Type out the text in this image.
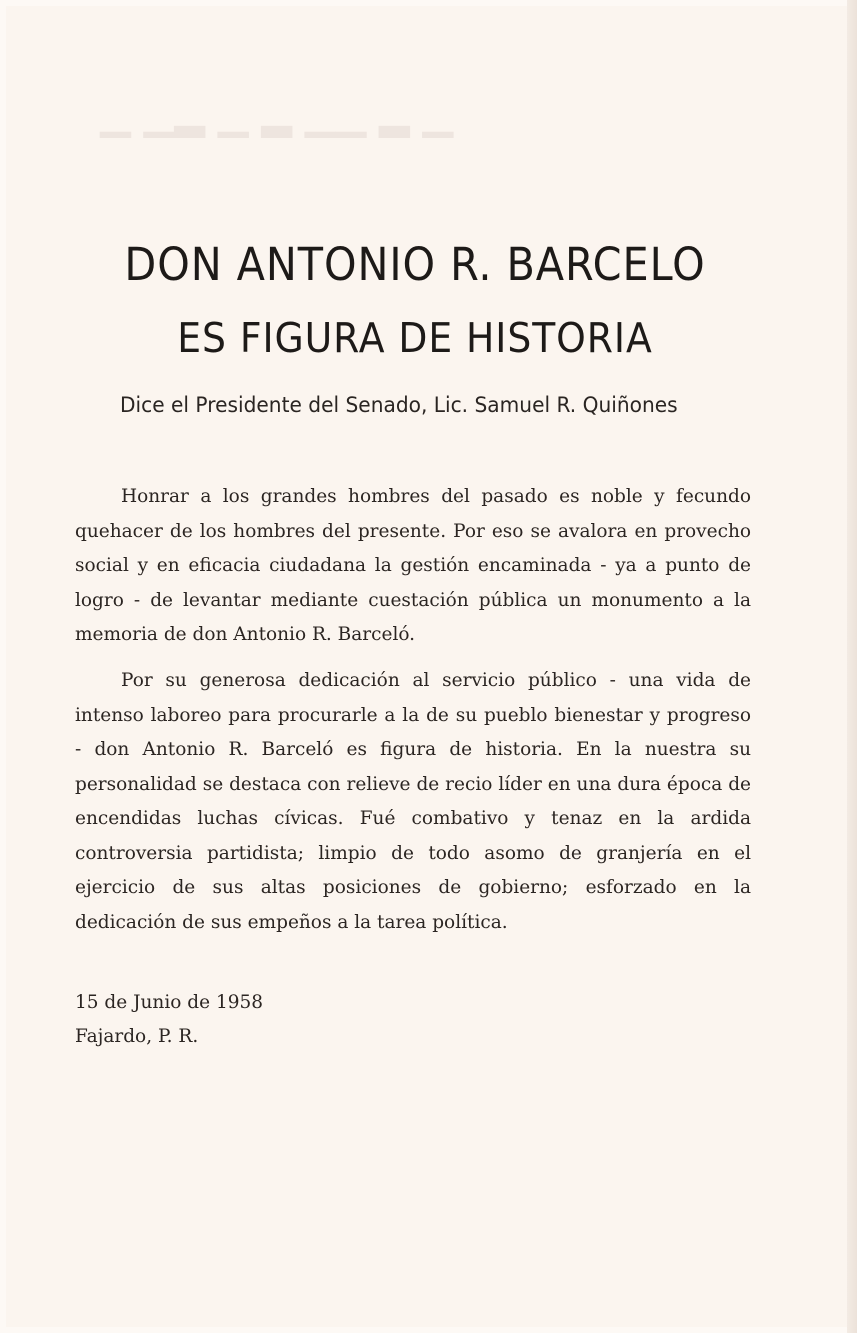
▁ ▂ ▁▁ ▂ ▁ ▂▁ ▁
DON ANTONIO R. BARCELO
ES FIGURA DE HISTORIA
Dice el Presidente del Senado, Lic. Samuel R. Quiñones

Honrar a los grandes hombres del pasado es noble y fecundo quehacer de los hombres del presente. Por eso se avalora en provecho social y en eficacia ciudadana la gestión encaminada - ya a punto de logro - de levantar mediante cuestación pública un monumento a la memoria de don Antonio R. Barceló.

Por su generosa dedicación al servicio público - una vida de intenso laboreo para procurarle a la de su pueblo bienestar y progreso - don Antonio R. Barceló es figura de historia. En la nuestra su personalidad se destaca con relieve de recio líder en una dura época de encendidas luchas cívicas. Fué combativo y tenaz en la ardida controversia partidista; limpio de todo asomo de granjería en el ejercicio de sus altas posiciones de gobierno; esforzado en la dedicación de sus empeños a la tarea política.

15 de Junio de 1958
Fajardo, P. R.
